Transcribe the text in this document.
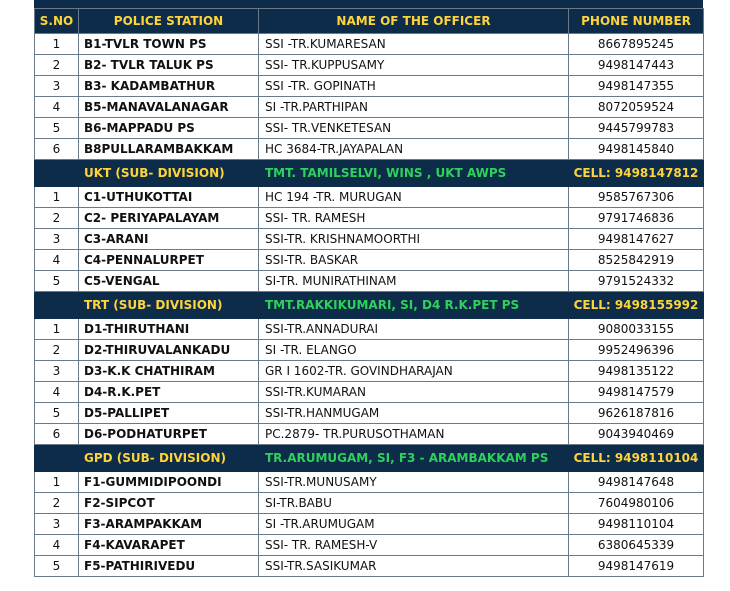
S.NO	POLICE STATION	NAME OF THE OFFICER	PHONE NUMBER
1	B1-TVLR TOWN PS	SSI -TR.KUMARESAN	8667895245
2	B2- TVLR TALUK PS	SSI- TR.KUPPUSAMY	9498147443
3	B3- KADAMBATHUR	SSI -TR. GOPINATH	9498147355
4	B5-MANAVALANAGAR	SI -TR.PARTHIPAN	8072059524
5	B6-MAPPADU PS	SSI- TR.VENKETESAN	9445799783
6	B8PULLARAMBAKKAM	HC 3684-TR.JAYAPALAN	9498145840
	UKT (SUB- DIVISION)	TMT. TAMILSELVI, WINS , UKT AWPS	CELL: 9498147812
1	C1-UTHUKOTTAI	HC 194 -TR. MURUGAN	9585767306
2	C2- PERIYAPALAYAM	SSI- TR. RAMESH	9791746836
3	C3-ARANI	SSI-TR. KRISHNAMOORTHI	9498147627
4	C4-PENNALURPET	SSI-TR. BASKAR	8525842919
5	C5-VENGAL	SI-TR. MUNIRATHINAM	9791524332
	TRT (SUB- DIVISION)	TMT.RAKKIKUMARI, SI, D4 R.K.PET PS	CELL: 9498155992
1	D1-THIRUTHANI	SSI-TR.ANNADURAI	9080033155
2	D2-THIRUVALANKADU	SI -TR. ELANGO	9952496396
3	D3-K.K CHATHIRAM	GR I 1602-TR. GOVINDHARAJAN	9498135122
4	D4-R.K.PET	SSI-TR.KUMARAN	9498147579
5	D5-PALLIPET	SSI-TR.HANMUGAM	9626187816
6	D6-PODHATURPET	PC.2879- TR.PURUSOTHAMAN	9043940469
	GPD (SUB- DIVISION)	TR.ARUMUGAM, SI, F3 - ARAMBAKKAM PS	CELL: 9498110104
1	F1-GUMMIDIPOONDI	SSI-TR.MUNUSAMY	9498147648
2	F2-SIPCOT	SI-TR.BABU	7604980106
3	F3-ARAMPAKKAM	SI -TR.ARUMUGAM	9498110104
4	F4-KAVARAPET	SSI- TR. RAMESH-V	6380645339
5	F5-PATHIRIVEDU	SSI-TR.SASIKUMAR	9498147619
